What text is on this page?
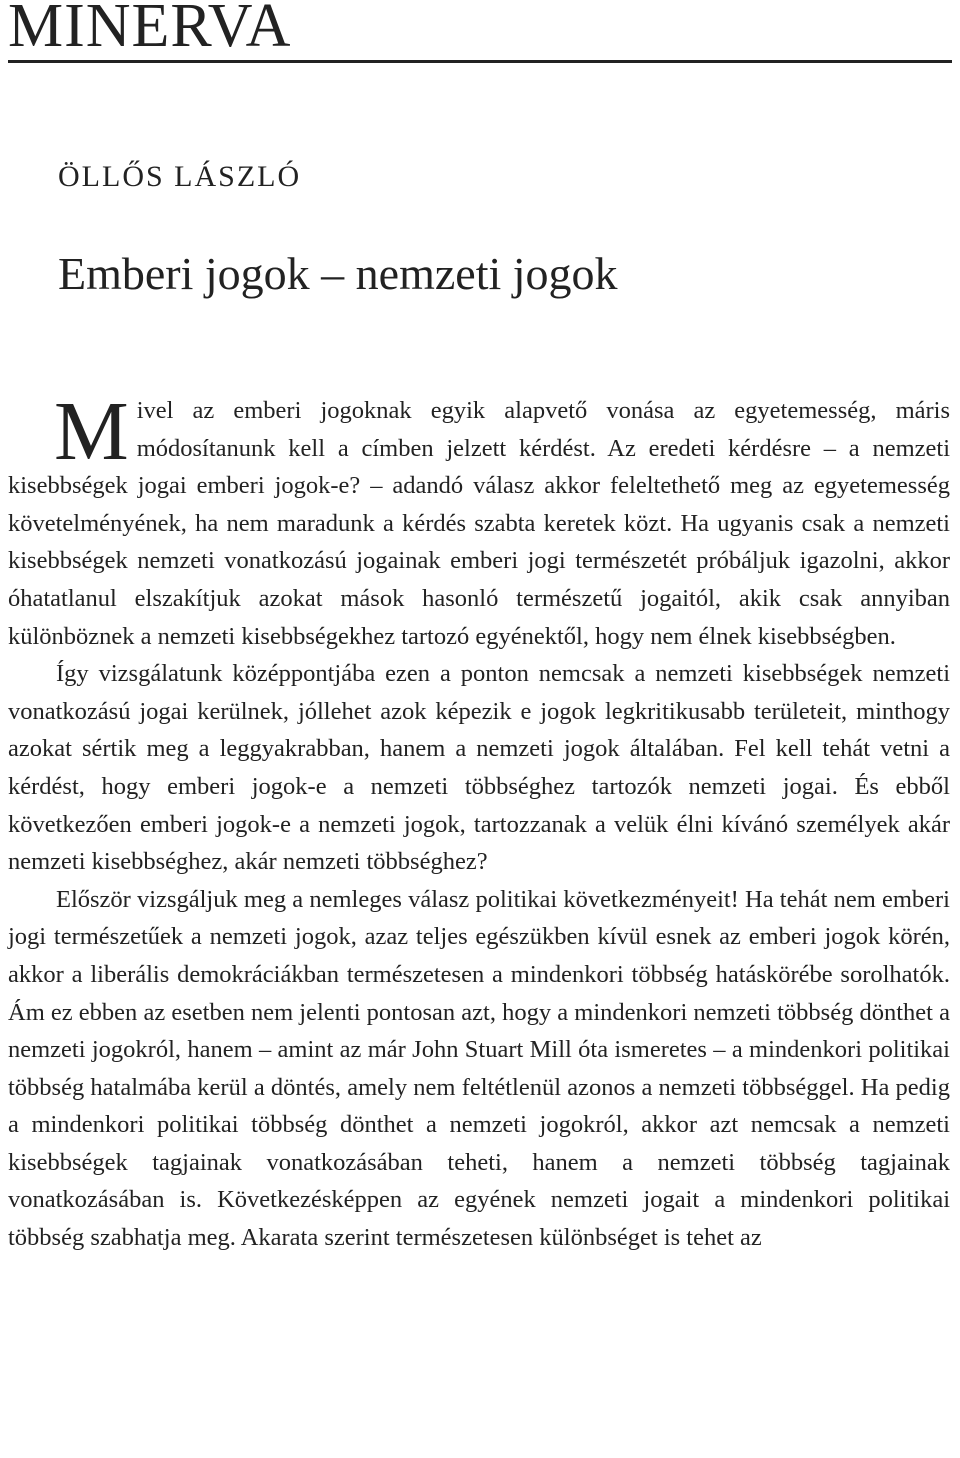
MINERVA
ÖLLŐS LÁSZLÓ
Emberi jogok – nemzeti jogok

Mivel az emberi jogoknak egyik alapvető vonása az egyetemesség, máris módosítanunk kell a címben jelzett kérdést. Az eredeti kérdésre – a nemzeti kisebbségek jogai emberi jogok-e? – adandó válasz akkor feleltethető meg az egyetemesség követelményének, ha nem maradunk a kérdés szabta keretek közt. Ha ugyanis csak a nemzeti kisebbségek nemzeti vonatkozású jogainak emberi jogi természetét próbáljuk igazolni, akkor óhatatlanul elszakítjuk azokat mások hasonló természetű jogaitól, akik csak annyiban különböznek a nemzeti kisebbségekhez tartozó egyénektől, hogy nem élnek kisebbségben.

Így vizsgálatunk középpontjába ezen a ponton nemcsak a nemzeti kisebbségek nemzeti vonatkozású jogai kerülnek, jóllehet azok képezik e jogok legkritikusabb területeit, minthogy azokat sértik meg a leggyakrabban, hanem a nemzeti jogok általában. Fel kell tehát vetni a kérdést, hogy emberi jogok-e a nemzeti többséghez tartozók nemzeti jogai. És ebből következően emberi jogok-e a nemzeti jogok, tartozzanak a velük élni kívánó személyek akár nemzeti kisebbséghez, akár nemzeti többséghez?

Először vizsgáljuk meg a nemleges válasz politikai következményeit! Ha tehát nem emberi jogi természetűek a nemzeti jogok, azaz teljes egészükben kívül esnek az emberi jogok körén, akkor a liberális demokráciákban természetesen a mindenkori többség hatáskörébe sorolhatók. Ám ez ebben az esetben nem jelenti pontosan azt, hogy a mindenkori nemzeti többség dönthet a nemzeti jogokról, hanem – amint az már John Stuart Mill óta ismeretes – a mindenkori politikai többség hatalmába kerül a döntés, amely nem feltétlenül azonos a nemzeti többséggel. Ha pedig a mindenkori politikai többség dönthet a nemzeti jogokról, akkor azt nemcsak a nemzeti kisebbségek tagjainak vonatkozásában teheti, hanem a nemzeti többség tagjainak vonatkozásában is. Következésképpen az egyének nemzeti jogait a mindenkori politikai többség szabhatja meg. Akarata szerint természetesen különbséget is tehet az
